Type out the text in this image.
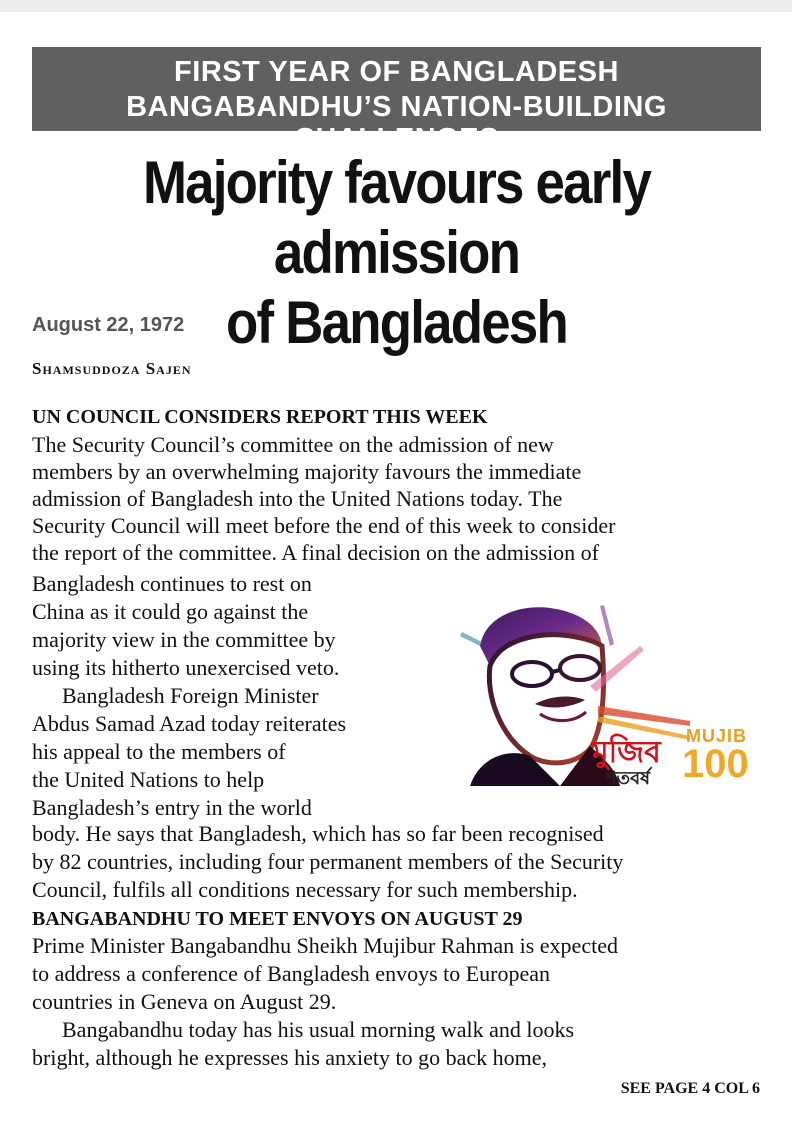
FIRST YEAR OF BANGLADESH
BANGABANDHU’S NATION-BUILDING CHALLENGES
Majority favours early admission
of Bangladesh
August 22, 1972
Shamsuddoza Sajen
UN COUNCIL CONSIDERS REPORT THIS WEEK
The Security Council’s committee on the admission of new
members by an overwhelming majority favours the immediate
admission of Bangladesh into the United Nations today. The
Security Council will meet before the end of this week to consider
the report of the committee. A final decision on the admission of
Bangladesh continues to rest on
China as it could go against the
majority view in the committee by
using its hitherto unexercised veto.
Bangladesh Foreign Minister
Abdus Samad Azad today reiterates
his appeal to the members of
the United Nations to help
Bangladesh’s entry in the world
body. He says that Bangladesh, which has so far been recognised
by 82 countries, including four permanent members of the Security
Council, fulfils all conditions necessary for such membership.
BANGABANDHU TO MEET ENVOYS ON AUGUST 29
Prime Minister Bangabandhu Sheikh Mujibur Rahman is expected
to address a conference of Bangladesh envoys to European
countries in Geneva on August 29.
Bangabandhu today has his usual morning walk and looks
bright, although he expresses his anxiety to go back home,
SEE PAGE 4 COL 6
মুজিব
শতবর্ষ
MUJIB
100
